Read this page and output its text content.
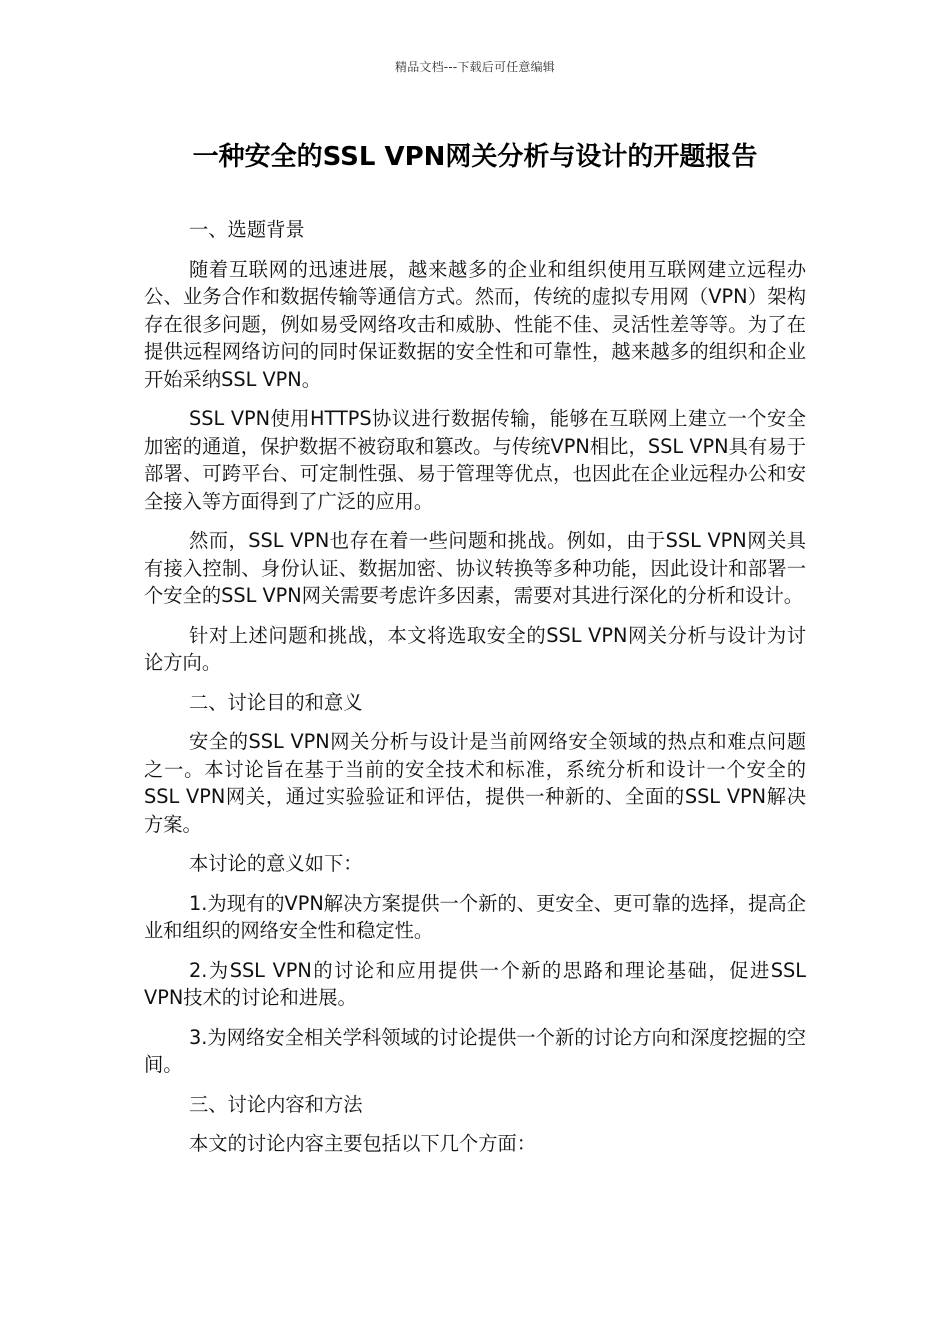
精品文档---下载后可任意编辑
一种安全的SSL VPN网关分析与设计的开题报告

一、选题背景

随着互联网的迅速进展，越来越多的企业和组织使用互联网建立远程办公、业务合作和数据传输等通信方式。然而，传统的虚拟专用网（VPN）架构存在很多问题，例如易受网络攻击和威胁、性能不佳、灵活性差等等。为了在提供远程网络访问的同时保证数据的安全性和可靠性，越来越多的组织和企业开始采纳SSL VPN。

SSL VPN使用HTTPS协议进行数据传输，能够在互联网上建立一个安全加密的通道，保护数据不被窃取和篡改。与传统VPN相比，SSL VPN具有易于部署、可跨平台、可定制性强、易于管理等优点，也因此在企业远程办公和安全接入等方面得到了广泛的应用。

然而，SSL VPN也存在着一些问题和挑战。例如，由于SSL VPN网关具有接入控制、身份认证、数据加密、协议转换等多种功能，因此设计和部署一个安全的SSL VPN网关需要考虑许多因素，需要对其进行深化的分析和设计。

针对上述问题和挑战，本文将选取安全的SSL VPN网关分析与设计为讨论方向。

二、讨论目的和意义

安全的SSL VPN网关分析与设计是当前网络安全领域的热点和难点问题之一。本讨论旨在基于当前的安全技术和标准，系统分析和设计一个安全的SSL VPN网关，通过实验验证和评估，提供一种新的、全面的SSL VPN解决方案。

本讨论的意义如下：

1.为现有的VPN解决方案提供一个新的、更安全、更可靠的选择，提高企业和组织的网络安全性和稳定性。

2.为SSL VPN的讨论和应用提供一个新的思路和理论基础，促进SSL VPN技术的讨论和进展。

3.为网络安全相关学科领域的讨论提供一个新的讨论方向和深度挖掘的空间。

三、讨论内容和方法

本文的讨论内容主要包括以下几个方面：
